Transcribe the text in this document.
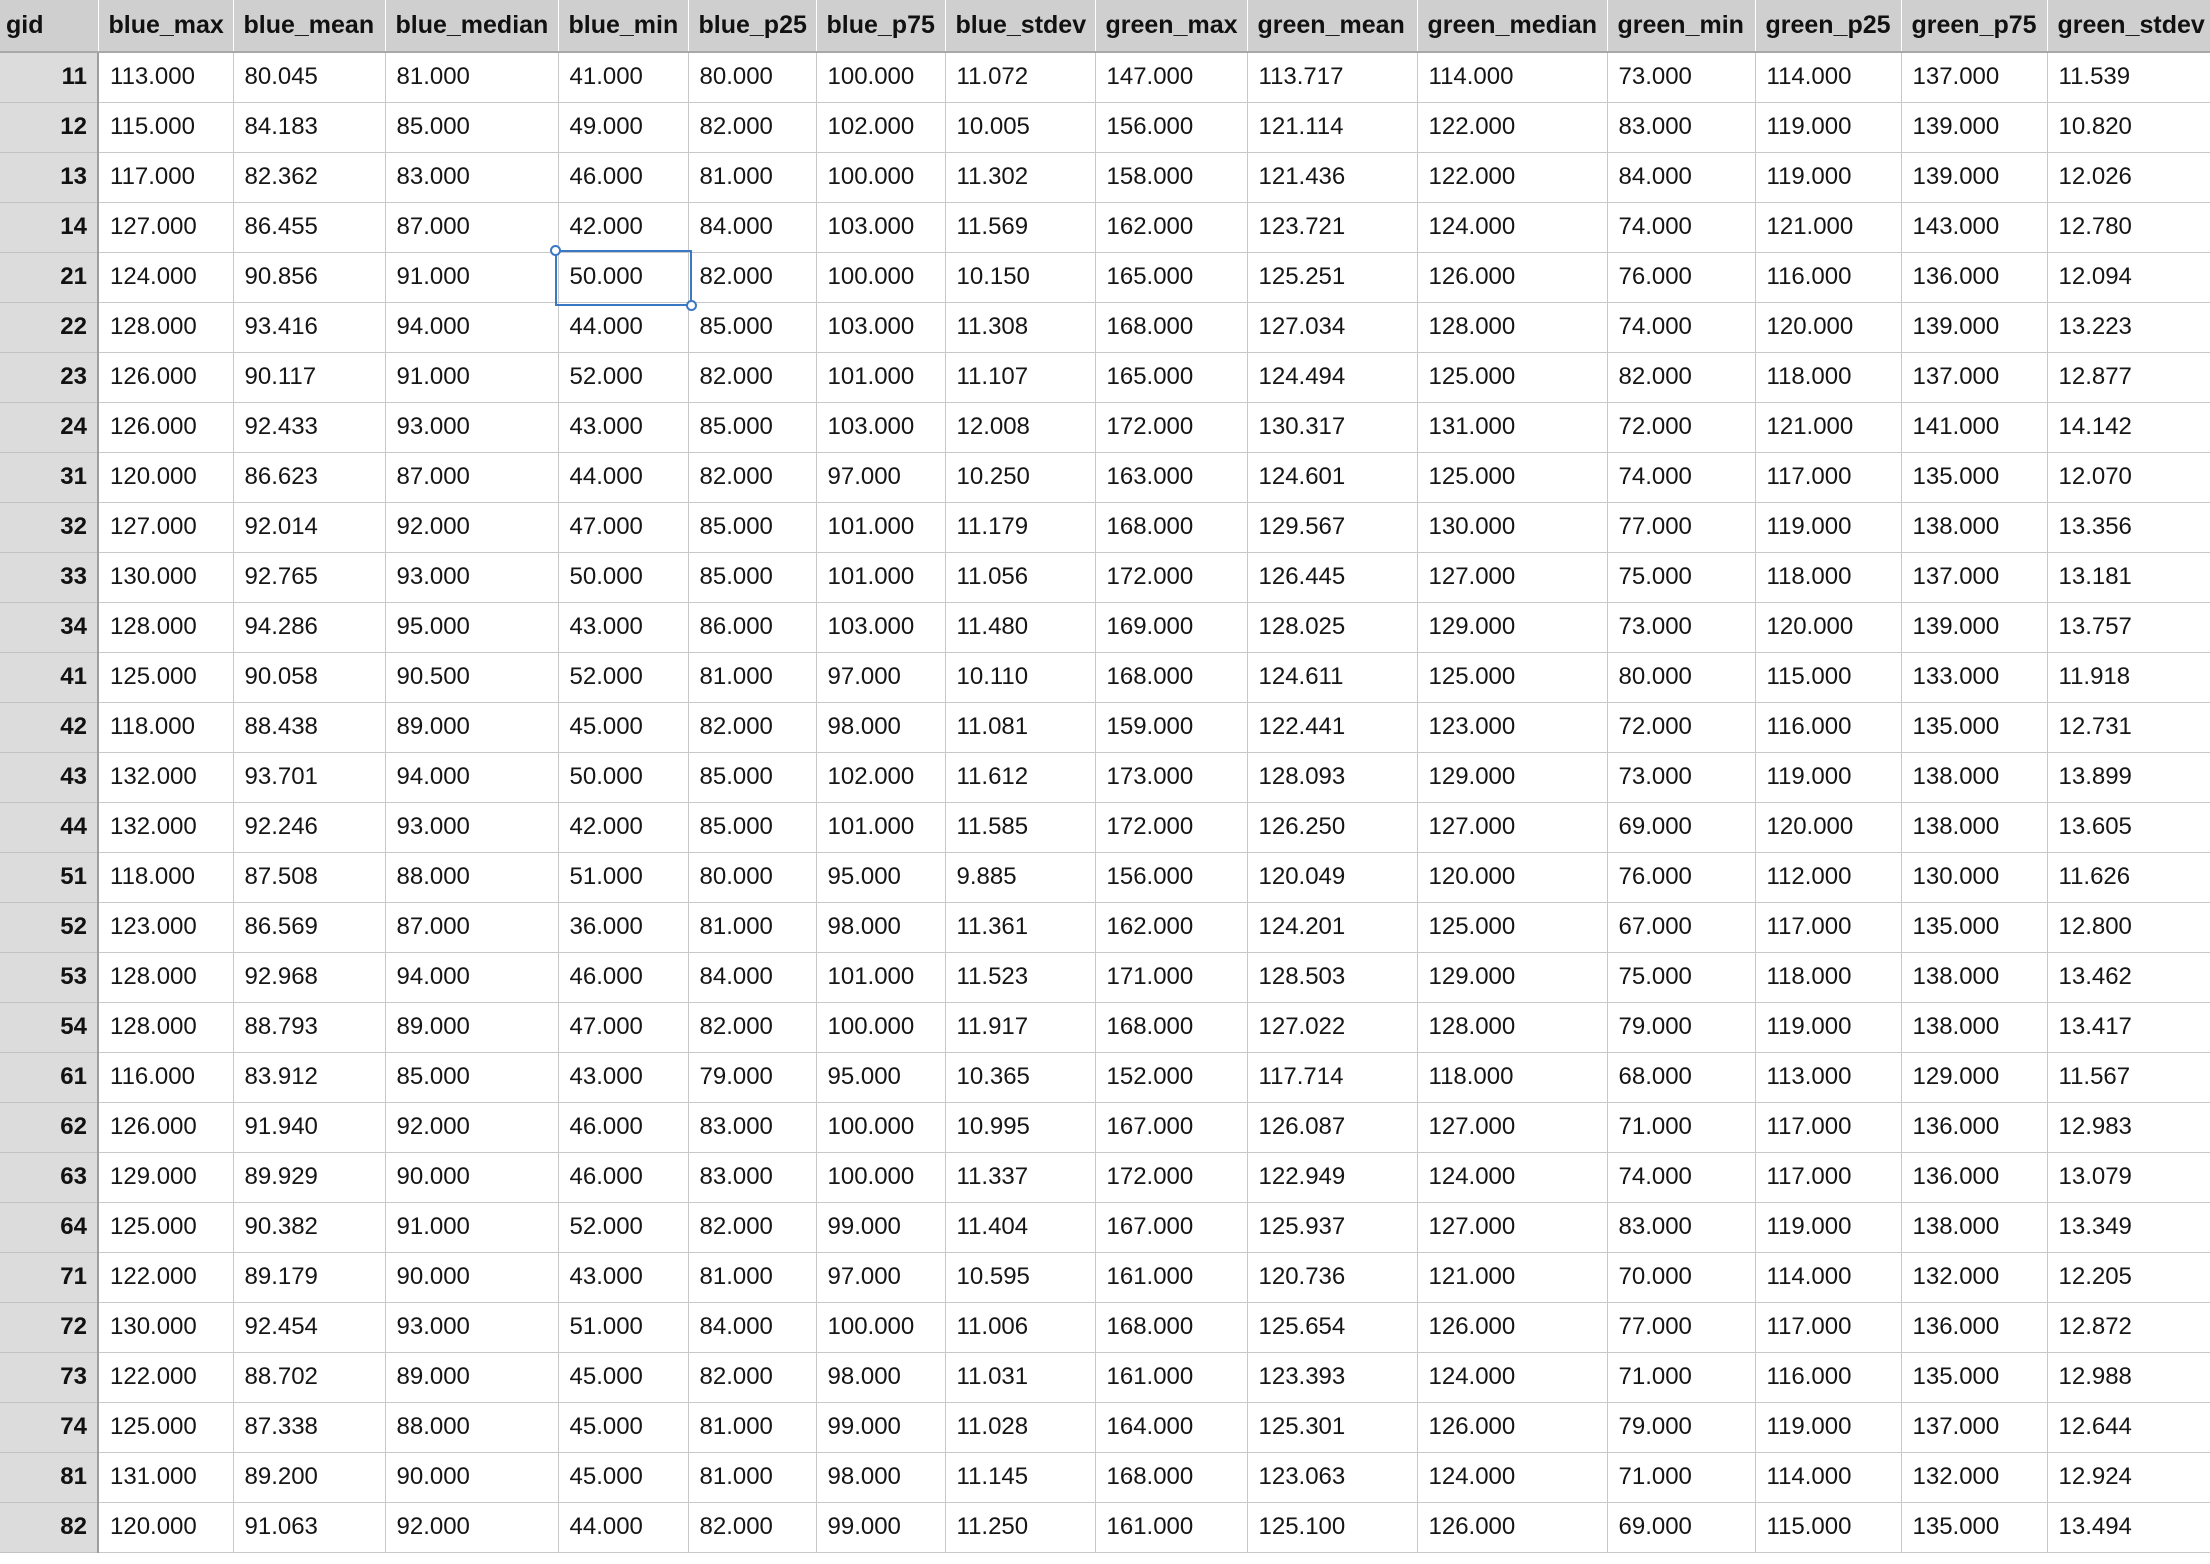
gid	blue_max	blue_mean	blue_median	blue_min	blue_p25	blue_p75	blue_stdev	green_max	green_mean	green_median	green_min	green_p25	green_p75	green_stdev
11	113.000	80.045	81.000	41.000	80.000	100.000	11.072	147.000	113.717	114.000	73.000	114.000	137.000	11.539
12	115.000	84.183	85.000	49.000	82.000	102.000	10.005	156.000	121.114	122.000	83.000	119.000	139.000	10.820
13	117.000	82.362	83.000	46.000	81.000	100.000	11.302	158.000	121.436	122.000	84.000	119.000	139.000	12.026
14	127.000	86.455	87.000	42.000	84.000	103.000	11.569	162.000	123.721	124.000	74.000	121.000	143.000	12.780
21	124.000	90.856	91.000	50.000	82.000	100.000	10.150	165.000	125.251	126.000	76.000	116.000	136.000	12.094
22	128.000	93.416	94.000	44.000	85.000	103.000	11.308	168.000	127.034	128.000	74.000	120.000	139.000	13.223
23	126.000	90.117	91.000	52.000	82.000	101.000	11.107	165.000	124.494	125.000	82.000	118.000	137.000	12.877
24	126.000	92.433	93.000	43.000	85.000	103.000	12.008	172.000	130.317	131.000	72.000	121.000	141.000	14.142
31	120.000	86.623	87.000	44.000	82.000	97.000	10.250	163.000	124.601	125.000	74.000	117.000	135.000	12.070
32	127.000	92.014	92.000	47.000	85.000	101.000	11.179	168.000	129.567	130.000	77.000	119.000	138.000	13.356
33	130.000	92.765	93.000	50.000	85.000	101.000	11.056	172.000	126.445	127.000	75.000	118.000	137.000	13.181
34	128.000	94.286	95.000	43.000	86.000	103.000	11.480	169.000	128.025	129.000	73.000	120.000	139.000	13.757
41	125.000	90.058	90.500	52.000	81.000	97.000	10.110	168.000	124.611	125.000	80.000	115.000	133.000	11.918
42	118.000	88.438	89.000	45.000	82.000	98.000	11.081	159.000	122.441	123.000	72.000	116.000	135.000	12.731
43	132.000	93.701	94.000	50.000	85.000	102.000	11.612	173.000	128.093	129.000	73.000	119.000	138.000	13.899
44	132.000	92.246	93.000	42.000	85.000	101.000	11.585	172.000	126.250	127.000	69.000	120.000	138.000	13.605
51	118.000	87.508	88.000	51.000	80.000	95.000	9.885	156.000	120.049	120.000	76.000	112.000	130.000	11.626
52	123.000	86.569	87.000	36.000	81.000	98.000	11.361	162.000	124.201	125.000	67.000	117.000	135.000	12.800
53	128.000	92.968	94.000	46.000	84.000	101.000	11.523	171.000	128.503	129.000	75.000	118.000	138.000	13.462
54	128.000	88.793	89.000	47.000	82.000	100.000	11.917	168.000	127.022	128.000	79.000	119.000	138.000	13.417
61	116.000	83.912	85.000	43.000	79.000	95.000	10.365	152.000	117.714	118.000	68.000	113.000	129.000	11.567
62	126.000	91.940	92.000	46.000	83.000	100.000	10.995	167.000	126.087	127.000	71.000	117.000	136.000	12.983
63	129.000	89.929	90.000	46.000	83.000	100.000	11.337	172.000	122.949	124.000	74.000	117.000	136.000	13.079
64	125.000	90.382	91.000	52.000	82.000	99.000	11.404	167.000	125.937	127.000	83.000	119.000	138.000	13.349
71	122.000	89.179	90.000	43.000	81.000	97.000	10.595	161.000	120.736	121.000	70.000	114.000	132.000	12.205
72	130.000	92.454	93.000	51.000	84.000	100.000	11.006	168.000	125.654	126.000	77.000	117.000	136.000	12.872
73	122.000	88.702	89.000	45.000	82.000	98.000	11.031	161.000	123.393	124.000	71.000	116.000	135.000	12.988
74	125.000	87.338	88.000	45.000	81.000	99.000	11.028	164.000	125.301	126.000	79.000	119.000	137.000	12.644
81	131.000	89.200	90.000	45.000	81.000	98.000	11.145	168.000	123.063	124.000	71.000	114.000	132.000	12.924
82	120.000	91.063	92.000	44.000	82.000	99.000	11.250	161.000	125.100	126.000	69.000	115.000	135.000	13.494
